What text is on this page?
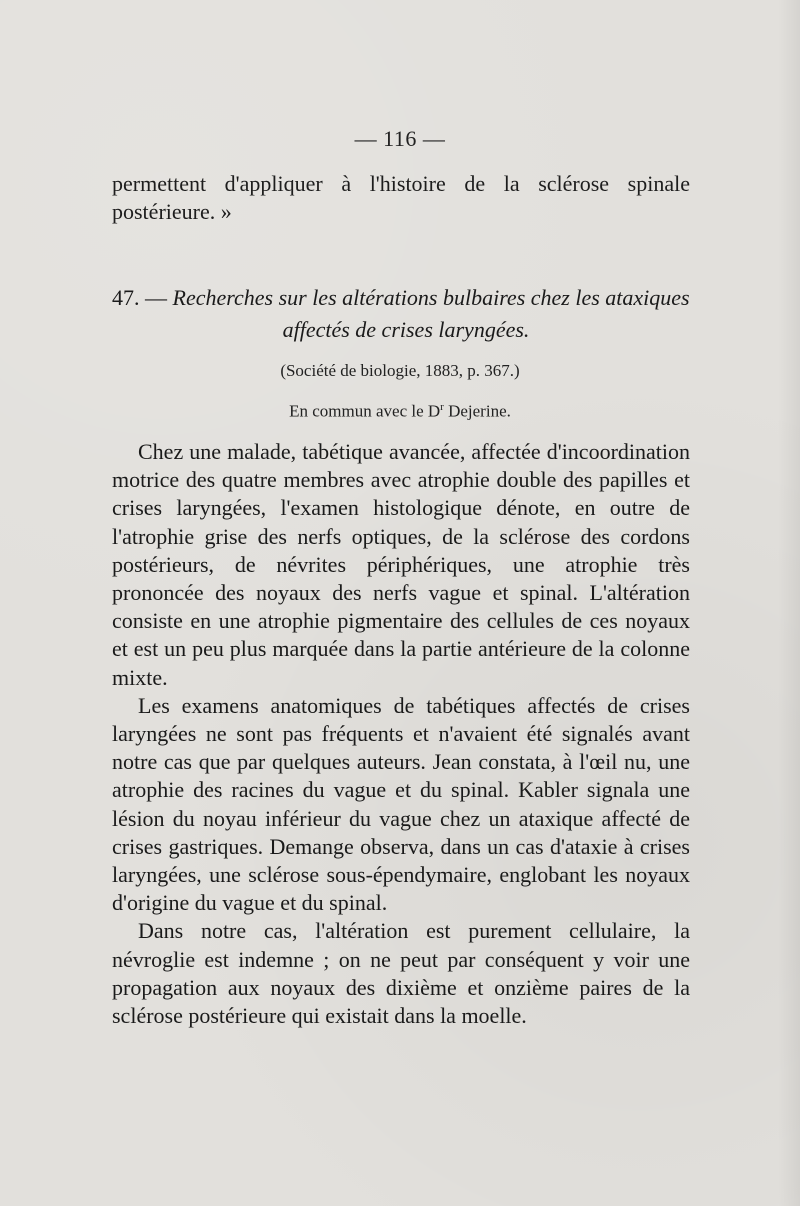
— 116 —
permettent d'appliquer à l'histoire de la sclérose spinale postérieure. »
47. — Recherches sur les altérations bulbaires chez les ataxiques
affectés de crises laryngées.
(Société de biologie, 1883, p. 367.)
En commun avec le $D^r$ Dejerine.

Chez une malade, tabétique avancée, affectée d'incoordination motrice des quatre membres avec atrophie double des papilles et crises laryngées, l'examen histologique dénote, en outre de l'atrophie grise des nerfs optiques, de la sclérose des cordons postérieurs, de névrites périphériques, une atrophie très prononcée des noyaux des nerfs vague et spinal. L'altération consiste en une atrophie pigmentaire des cellules de ces noyaux et est un peu plus marquée dans la partie antérieure de la colonne mixte.

Les examens anatomiques de tabétiques affectés de crises laryngées ne sont pas fréquents et n'avaient été signalés avant notre cas que par quelques auteurs. Jean constata, à l'œil nu, une atrophie des racines du vague et du spinal. Kabler signala une lésion du noyau inférieur du vague chez un ataxique affecté de crises gastriques. Demange observa, dans un cas d'ataxie à crises laryngées, une sclérose sous-épendymaire, englobant les noyaux d'origine du vague et du spinal.

Dans notre cas, l'altération est purement cellulaire, la névroglie est indemne ; on ne peut par conséquent y voir une propagation aux noyaux des dixième et onzième paires de la sclérose postérieure qui existait dans la moelle.
